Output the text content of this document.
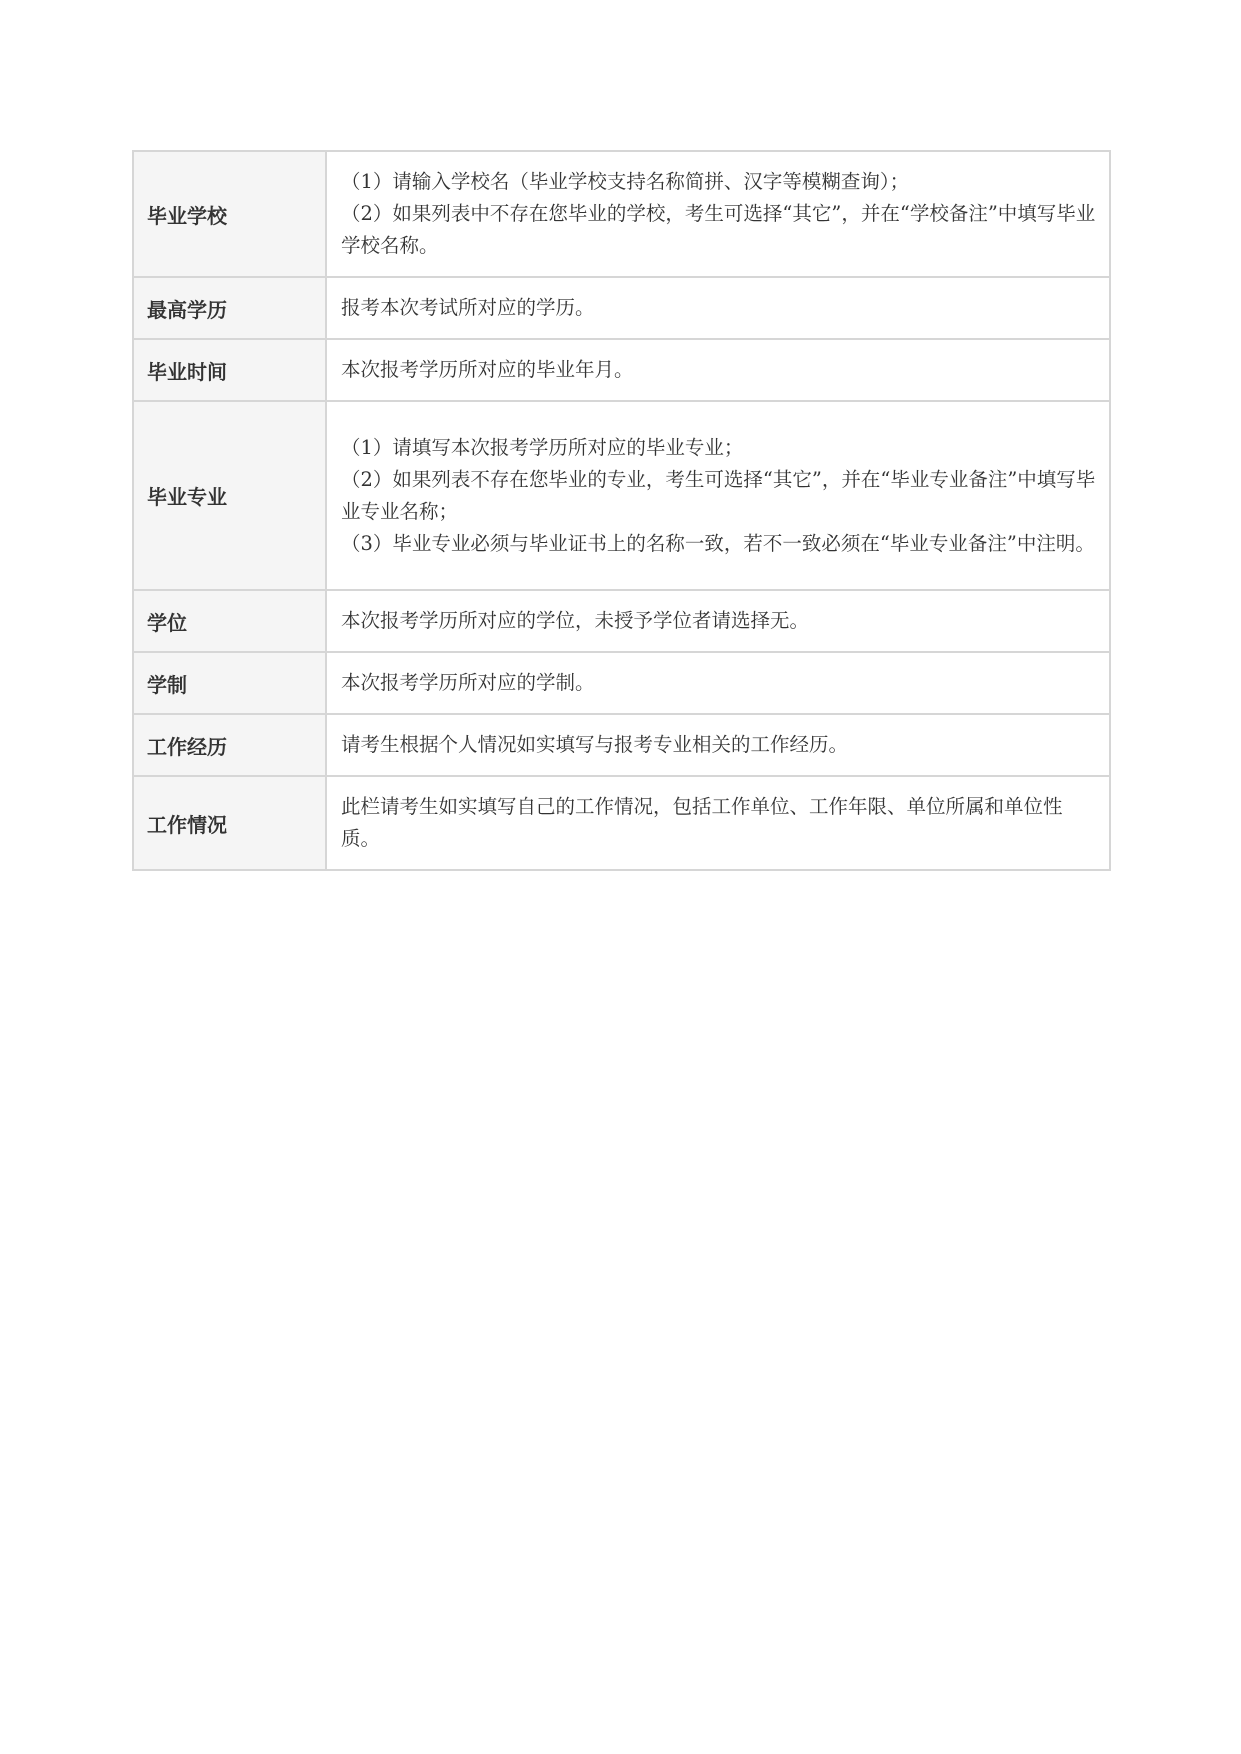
毕业学校	（1）请输入学校名（毕业学校支持名称简拼、汉字等模糊查询）；
（2）如果列表中不存在您毕业的学校，考生可选择“其它”，并在“学校备注”中填写毕业学校名称。

最高学历	报考本次考试所对应的学历。

毕业时间	本次报考学历所对应的毕业年月。

毕业专业	（1）请填写本次报考学历所对应的毕业专业；
（2）如果列表不存在您毕业的专业，考生可选择“其它”，并在“毕业专业备注”中填写毕业专业名称；
（3）毕业专业必须与毕业证书上的名称一致，若不一致必须在“毕业专业备注”中注明。

学位	本次报考学历所对应的学位，未授予学位者请选择无。

学制	本次报考学历所对应的学制。

工作经历	请考生根据个人情况如实填写与报考专业相关的工作经历。

工作情况	此栏请考生如实填写自己的工作情况，包括工作单位、工作年限、单位所属和单位性质。
